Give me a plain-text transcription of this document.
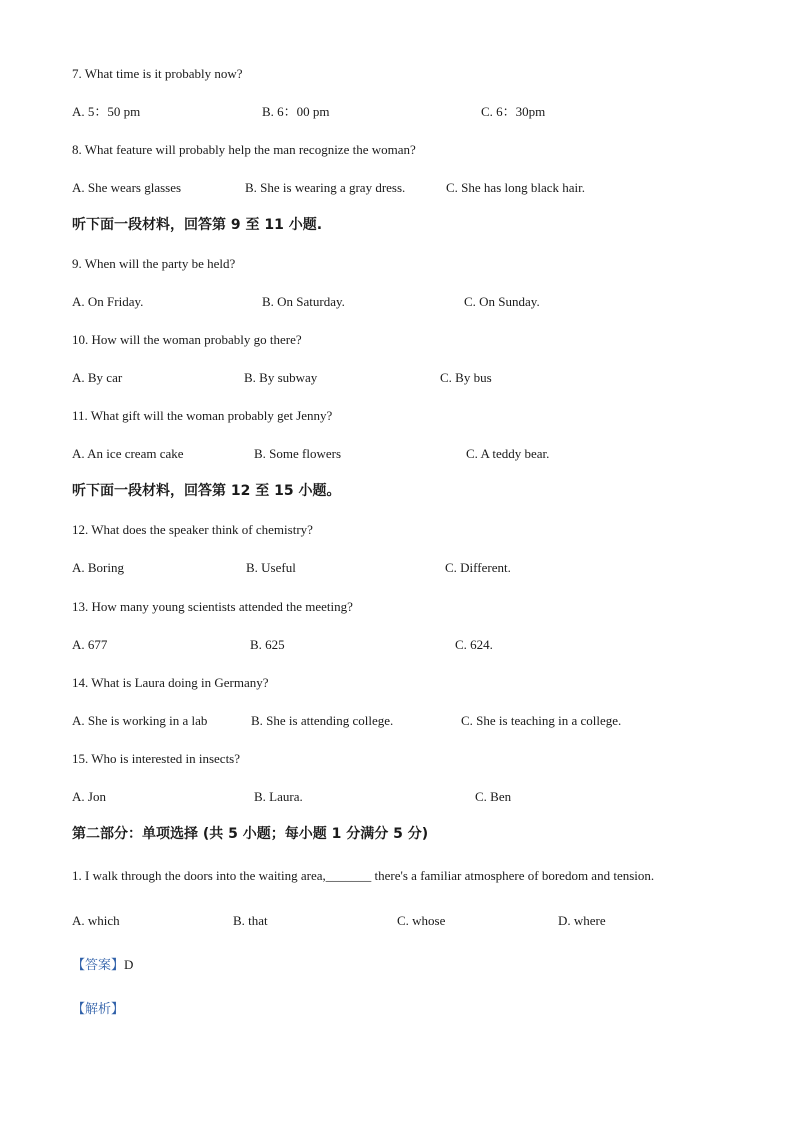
7. What time is it probably now?
A. 5：50 pm	B. 6：00 pm	C. 6：30pm
8. What feature will probably help the man recognize the woman?
A. She wears glasses	B. She is wearing a gray dress.	C. She has long black hair.
听下面一段材料，回答第 9 至 11 小题.
9. When will the party be held?
A. On Friday.	B. On Saturday.	C. On Sunday.
10. How will the woman probably go there?
A. By car	B. By subway	C. By bus
11. What gift will the woman probably get Jenny?
A. An ice cream cake	B. Some flowers	C. A teddy bear.
听下面一段材料，回答第 12 至 15 小题。
12. What does the speaker think of chemistry?
A. Boring	B. Useful	C. Different.
13. How many young scientists attended the meeting?
A. 677	B. 625	C. 624.
14. What is Laura doing in Germany?
A. She is working in a lab	B. She is attending college.	C. She is teaching in a college.
15. Who is interested in insects?
A. Jon	B. Laura.	C. Ben
第二部分：单项选择 (共 5 小题；每小题 1 分满分 5 分)
1. I walk through the doors into the waiting area,_______ there's a familiar atmosphere of boredom and tension.
A. which	B. that	C. whose	D. where
【答案】D
【解析】
